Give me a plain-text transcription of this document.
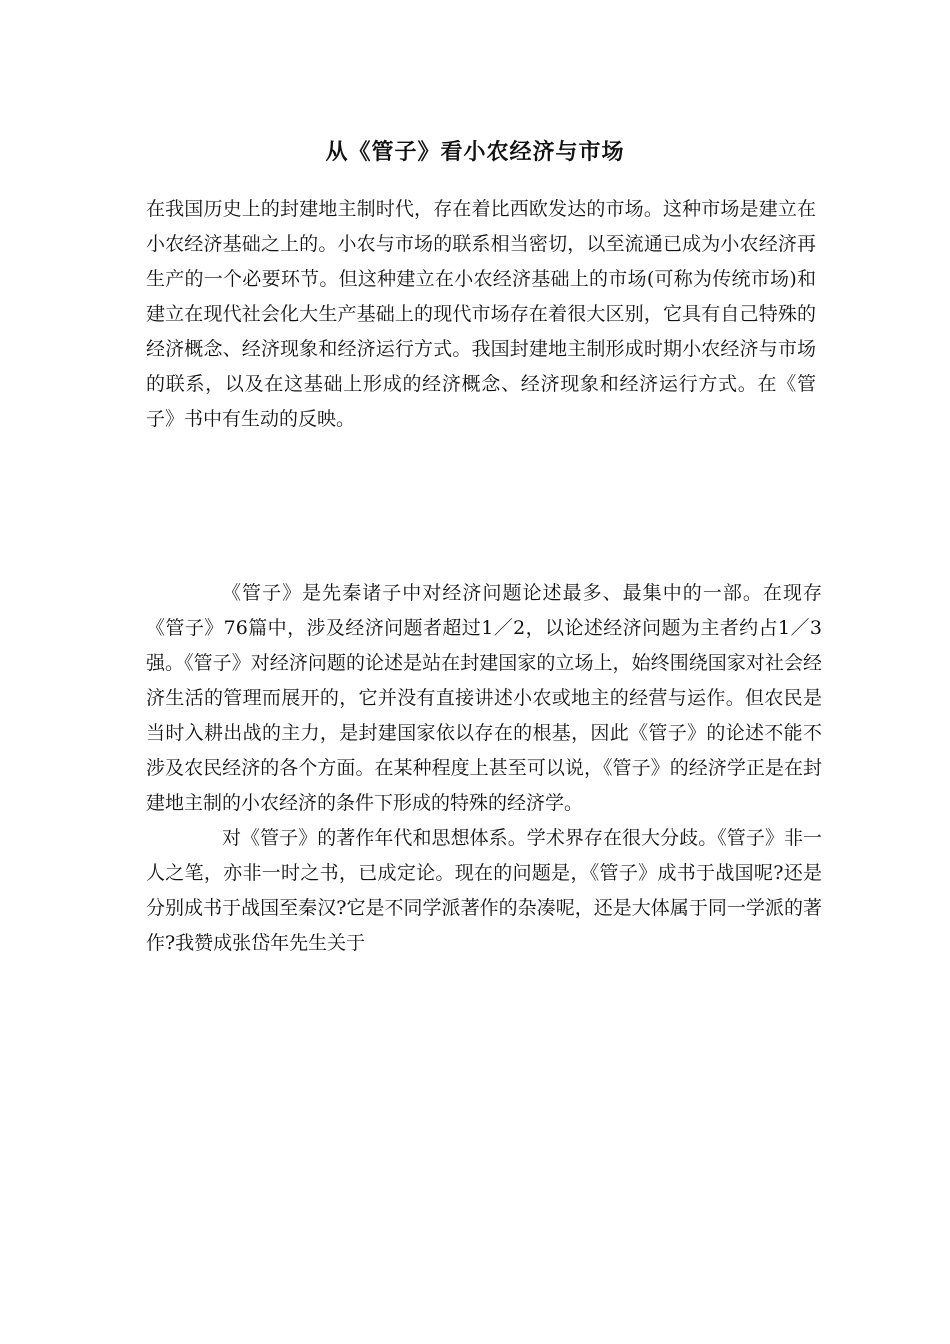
从《管子》看小农经济与市场

在我国历史上的封建地主制时代，存在着比西欧发达的市场。这种市场是建立在小农经济基础之上的。小农与市场的联系相当密切，以至流通已成为小农经济再生产的一个必要环节。但这种建立在小农经济基础上的市场(可称为传统市场)和建立在现代社会化大生产基础上的现代市场存在着很大区别，它具有自己特殊的经济概念、经济现象和经济运行方式。我国封建地主制形成时期小农经济与市场的联系，以及在这基础上形成的经济概念、经济现象和经济运行方式。在《管子》书中有生动的反映。

《管子》是先秦诸子中对经济问题论述最多、最集中的一部。在现存《管子》76篇中，涉及经济问题者超过1／2，以论述经济问题为主者约占1／3强。《管子》对经济问题的论述是站在封建国家的立场上，始终围绕国家对社会经济生活的管理而展开的，它并没有直接讲述小农或地主的经营与运作。但农民是当时入耕出战的主力，是封建国家依以存在的根基，因此《管子》的论述不能不涉及农民经济的各个方面。在某种程度上甚至可以说，《管子》的经济学正是在封建地主制的小农经济的条件下形成的特殊的经济学。

对《管子》的著作年代和思想体系。学术界存在很大分歧。《管子》非一人之笔，亦非一时之书，已成定论。现在的问题是，《管子》成书于战国呢?还是分别成书于战国至秦汉?它是不同学派著作的杂凑呢，还是大体属于同一学派的著作?我赞成张岱年先生关于
